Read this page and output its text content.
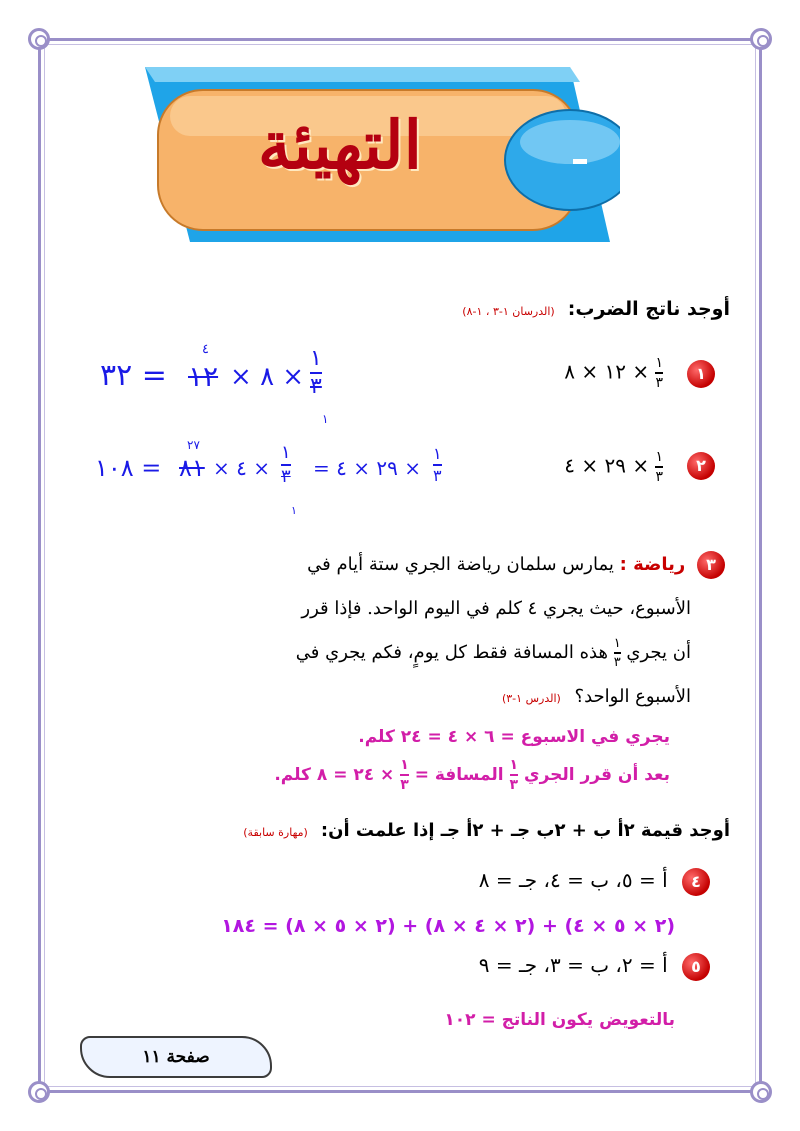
التهيئة
أوجد ناتج الضرب: (الدرسان ١-٣ ، ١-٨)
١
١٢ × ٨ × $\frac{١}{٣}$
٣٢ = ١٢
٤
× ٨ ×
١
٣
١
٢
٢٩ × ٤ × $\frac{١}{٣}$
١٠٨ = ٨١
٢٧
× ٤ ×
١
٣
١
= ٢٩ × ٤ ×
١
٣
٣ رياضة : يمارس سلمان رياضة الجري ستة أيام في
الأسبوع، حيث يجري ٤ كلم في اليوم الواحد. فإذا قرر
أن يجري
$\frac{١}{٣}$
هذه المسافة فقط كل يومٍ، فكم يجري في
الأسبوع الواحد؟ (الدرس ١-٣)
يجري في الاسبوع = ٦ × ٤ = ٢٤ كلم.
بعد أن قرر الجري
$\frac{١}{٣}$
المسافة =
$\frac{١}{٣}$
× ٢٤ = ٨ كلم.
أوجد قيمة ٢أ ب + ٢ب جـ + ٢أ جـ إذا علمت أن: (مهارة سابقة)
٤ أ = ٥، ب = ٤، جـ = ٨
(٢ × ٥ × ٤) + (٢ × ٤ × ٨) + (٢ × ٥ × ٨) = ١٨٤
٥ أ = ٢، ب = ٣، جـ = ٩
بالتعويض يكون الناتج = ١٠٢
صفحة ١١
